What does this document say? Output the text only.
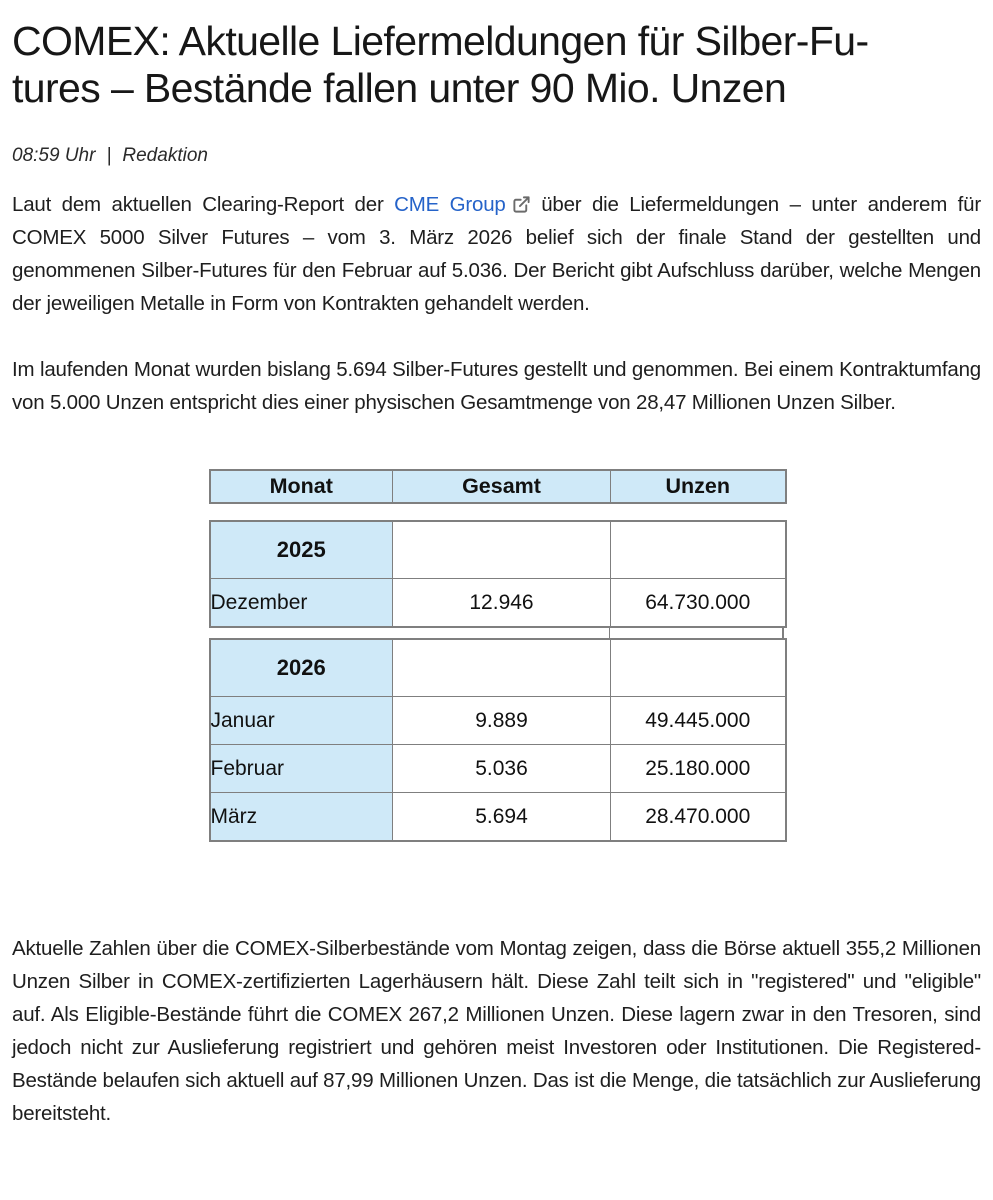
COMEX: Aktuelle Liefermeldungen für Silber-Fu-
tures – Bestände fallen unter 90 Mio. Unzen
08:59 Uhr | Redaktion

Laut dem aktuellen Clearing-Report der CME Group über die Liefermeldungen – unter anderem für COMEX 5000 Silver Futures – vom 3. März 2026 belief sich der finale Stand der gestellten und genommenen Silber-Futures für den Februar auf 5.036. Der Bericht gibt Aufschluss darüber, welche Mengen der jeweiligen Metalle in Form von Kontrakten gehandelt werden.

Im laufenden Monat wurden bislang 5.694 Silber-Futures gestellt und genommen. Bei einem Kontraktumfang von 5.000 Unzen entspricht dies einer physischen Gesamtmenge von 28,47 Millionen Unzen Silber.

Monat	Gesamt	Unzen
2025		
Dezember	12.946	64.730.000
2026		
Januar	9.889	49.445.000
Februar	5.036	25.180.000
März	5.694	28.470.000

Aktuelle Zahlen über die COMEX-Silberbestände vom Montag zeigen, dass die Börse aktuell 355,2 Millionen Unzen Silber in COMEX-zertifizierten Lagerhäusern hält. Diese Zahl teilt sich in "registered" und "eligible" auf. Als Eligible-Bestände führt die COMEX 267,2 Millionen Unzen. Diese lagern zwar in den Tresoren, sind jedoch nicht zur Auslieferung registriert und gehören meist Investoren oder Institutionen. Die Registered-Bestände belaufen sich aktuell auf 87,99 Millionen Unzen. Das ist die Menge, die tatsächlich zur Auslieferung bereitsteht.
